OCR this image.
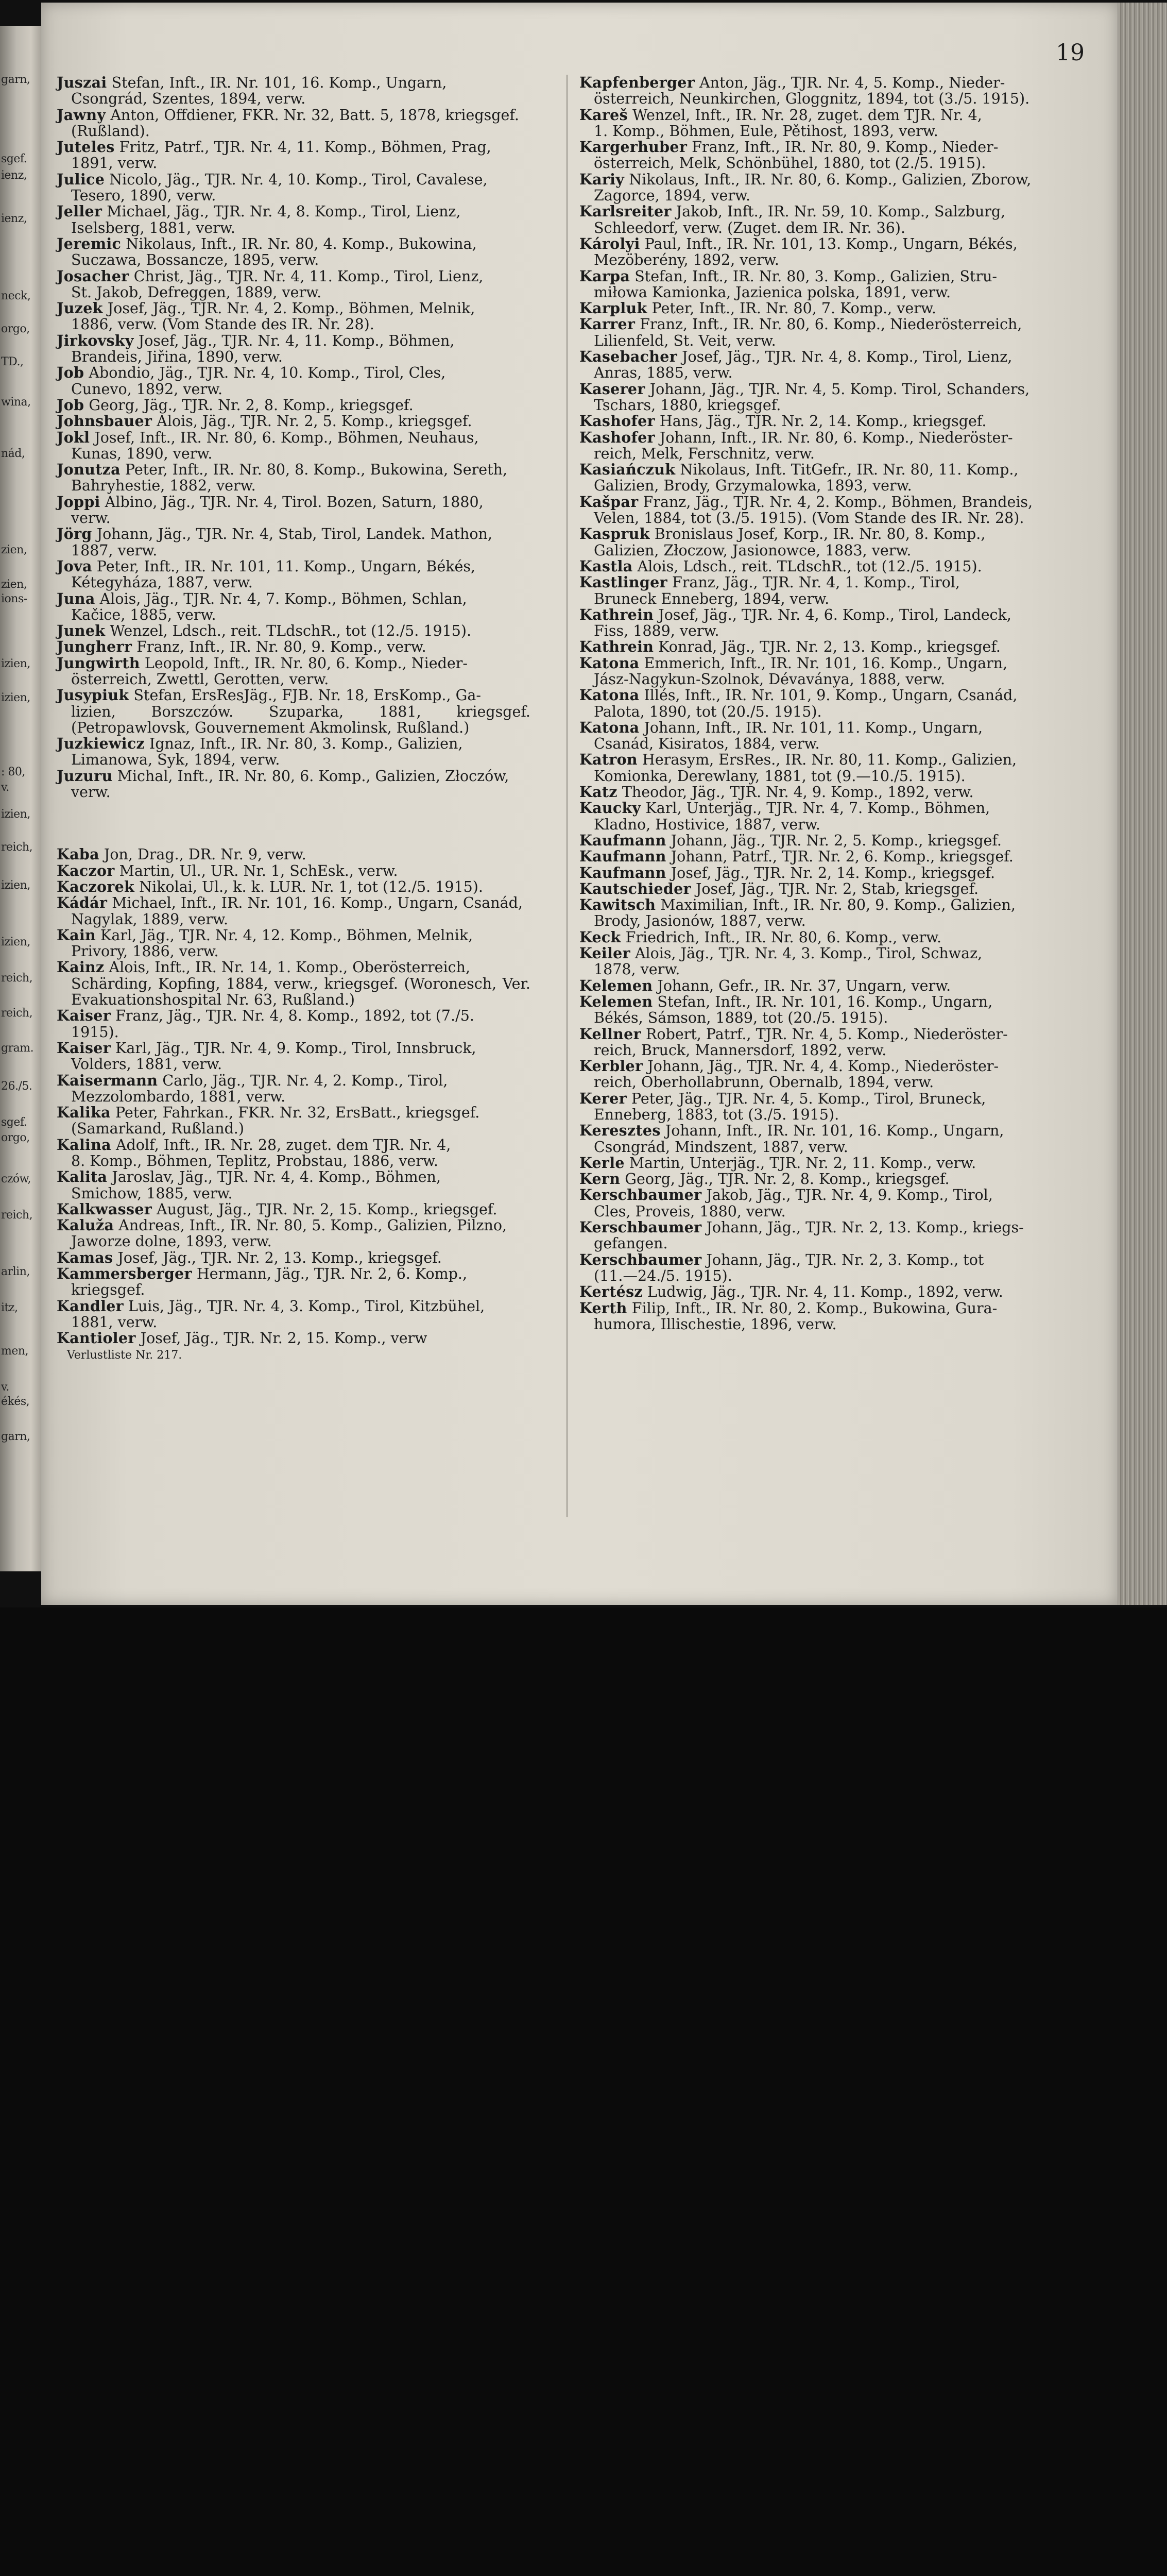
garn,
sgef.
ienz,
ienz,
neck,
orgo,
TD.,
wina,
nád,
zien,
zien,
ions-
izien,
izien,
: 80,
v.
izien,
reich,
izien,
izien,
reich,
reich,
gram.
26./5.
sgef.
orgo,
czów,
reich,
arlin,
itz,
men,
v.
ékés,
garn,
19

Juszai Stefan, Inft., IR. Nr. 101, 16. Komp., Ungarn,
Csongrád, Szentes, 1894, verw.

Jawny Anton, Offdiener, FKR. Nr. 32, Batt. 5, 1878, kriegsgef.
(Rußland).

Juteles Fritz, Patrf., TJR. Nr. 4, 11. Komp., Böhmen, Prag,
1891, verw.

Julice Nicolo, Jäg., TJR. Nr. 4, 10. Komp., Tirol, Cavalese,
Tesero, 1890, verw.

Jeller Michael, Jäg., TJR. Nr. 4, 8. Komp., Tirol, Lienz,
Iselsberg, 1881, verw.

Jeremic Nikolaus, Inft., IR. Nr. 80, 4. Komp., Bukowina,
Suczawa, Bossancze, 1895, verw.

Josacher Christ, Jäg., TJR. Nr. 4, 11. Komp., Tirol, Lienz,
St. Jakob, Defreggen, 1889, verw.

Juzek Josef, Jäg., TJR. Nr. 4, 2. Komp., Böhmen, Melnik,
1886, verw. (Vom Stande des IR. Nr. 28).

Jirkovsky Josef, Jäg., TJR. Nr. 4, 11. Komp., Böhmen,
Brandeis, Jiřina, 1890, verw.

Job Abondio, Jäg., TJR. Nr. 4, 10. Komp., Tirol, Cles,
Cunevo, 1892, verw.

Job Georg, Jäg., TJR. Nr. 2, 8. Komp., kriegsgef.

Johnsbauer Alois, Jäg., TJR. Nr. 2, 5. Komp., kriegsgef.

Jokl Josef, Inft., IR. Nr. 80, 6. Komp., Böhmen, Neuhaus,
Kunas, 1890, verw.

Jonutza Peter, Inft., IR. Nr. 80, 8. Komp., Bukowina, Sereth,
Bahryhestie, 1882, verw.

Joppi Albino, Jäg., TJR. Nr. 4, Tirol. Bozen, Saturn, 1880,
verw.

Jörg Johann, Jäg., TJR. Nr. 4, Stab, Tirol, Landek. Mathon,
1887, verw.

Jova Peter, Inft., IR. Nr. 101, 11. Komp., Ungarn, Békés,
Kétegyháza, 1887, verw.

Juna Alois, Jäg., TJR. Nr. 4, 7. Komp., Böhmen, Schlan,
Kačice, 1885, verw.

Junek Wenzel, Ldsch., reit. TLdschR., tot (12./5. 1915).

Jungherr Franz, Inft., IR. Nr. 80, 9. Komp., verw.

Jungwirth Leopold, Inft., IR. Nr. 80, 6. Komp., Nieder-
österreich, Zwettl, Gerotten, verw.

Jusypiuk Stefan, ErsResJäg., FJB. Nr. 18, ErsKomp., Ga-
lizien, Borszczów. Szuparka, 1881, kriegsgef. (Petropawlovsk, Gouvernement Akmolinsk, Rußland.)

Juzkiewicz Ignaz, Inft., IR. Nr. 80, 3. Komp., Galizien,
Limanowa, Syk, 1894, verw.

Juzuru Michal, Inft., IR. Nr. 80, 6. Komp., Galizien, Złoczów,
verw.

Kaba Jon, Drag., DR. Nr. 9, verw.

Kaczor Martin, Ul., UR. Nr. 1, SchEsk., verw.

Kaczorek Nikolai, Ul., k. k. LUR. Nr. 1, tot (12./5. 1915).

Kádár Michael, Inft., IR. Nr. 101, 16. Komp., Ungarn, Csanád,
Nagylak, 1889, verw.

Kain Karl, Jäg., TJR. Nr. 4, 12. Komp., Böhmen, Melnik,
Privory, 1886, verw.

Kainz Alois, Inft., IR. Nr. 14, 1. Komp., Oberösterreich,
Schärding, Kopfing, 1884, verw., kriegsgef. (Woronesch, Ver. Evakuationshospital Nr. 63, Rußland.)

Kaiser Franz, Jäg., TJR. Nr. 4, 8. Komp., 1892, tot (7./5.
1915).

Kaiser Karl, Jäg., TJR. Nr. 4, 9. Komp., Tirol, Innsbruck,
Volders, 1881, verw.

Kaisermann Carlo, Jäg., TJR. Nr. 4, 2. Komp., Tirol,
Mezzolombardo, 1881, verw.

Kalika Peter, Fahrkan., FKR. Nr. 32, ErsBatt., kriegsgef.
(Samarkand, Rußland.)

Kalina Adolf, Inft., IR. Nr. 28, zuget. dem TJR. Nr. 4,
8. Komp., Böhmen, Teplitz, Probstau, 1886, verw.

Kalita Jaroslav, Jäg., TJR. Nr. 4, 4. Komp., Böhmen,
Smichow, 1885, verw.

Kalkwasser August, Jäg., TJR. Nr. 2, 15. Komp., kriegsgef.

Kaluža Andreas, Inft., IR. Nr. 80, 5. Komp., Galizien, Pilzno,
Jaworze dolne, 1893, verw.

Kamas Josef, Jäg., TJR. Nr. 2, 13. Komp., kriegsgef.

Kammersberger Hermann, Jäg., TJR. Nr. 2, 6. Komp.,
kriegsgef.

Kandler Luis, Jäg., TJR. Nr. 4, 3. Komp., Tirol, Kitzbühel,
1881, verw.

Kantioler Josef, Jäg., TJR. Nr. 2, 15. Komp., verw

Verlustliste Nr. 217.

Kapfenberger Anton, Jäg., TJR. Nr. 4, 5. Komp., Nieder-
österreich, Neunkirchen, Gloggnitz, 1894, tot (3./5. 1915).

Kareš Wenzel, Inft., IR. Nr. 28, zuget. dem TJR. Nr. 4,
1. Komp., Böhmen, Eule, Pětihost, 1893, verw.

Kargerhuber Franz, Inft., IR. Nr. 80, 9. Komp., Nieder-
österreich, Melk, Schönbühel, 1880, tot (2./5. 1915).

Kariy Nikolaus, Inft., IR. Nr. 80, 6. Komp., Galizien, Zborow,
Zagorce, 1894, verw.

Karlsreiter Jakob, Inft., IR. Nr. 59, 10. Komp., Salzburg,
Schleedorf, verw. (Zuget. dem IR. Nr. 36).

Károlyi Paul, Inft., IR. Nr. 101, 13. Komp., Ungarn, Békés,
Mezöberény, 1892, verw.

Karpa Stefan, Inft., IR. Nr. 80, 3. Komp., Galizien, Stru-
miłowa Kamionka, Jazienica polska, 1891, verw.

Karpluk Peter, Inft., IR. Nr. 80, 7. Komp., verw.

Karrer Franz, Inft., IR. Nr. 80, 6. Komp., Niederösterreich,
Lilienfeld, St. Veit, verw.

Kasebacher Josef, Jäg., TJR. Nr. 4, 8. Komp., Tirol, Lienz,
Anras, 1885, verw.

Kaserer Johann, Jäg., TJR. Nr. 4, 5. Komp. Tirol, Schanders,
Tschars, 1880, kriegsgef.

Kashofer Hans, Jäg., TJR. Nr. 2, 14. Komp., kriegsgef.

Kashofer Johann, Inft., IR. Nr. 80, 6. Komp., Niederöster-
reich, Melk, Ferschnitz, verw.

Kasiańczuk Nikolaus, Inft. TitGefr., IR. Nr. 80, 11. Komp.,
Galizien, Brody, Grzymalowka, 1893, verw.

Kašpar Franz, Jäg., TJR. Nr. 4, 2. Komp., Böhmen, Brandeis,
Velen, 1884, tot (3./5. 1915). (Vom Stande des IR. Nr. 28).

Kaspruk Bronislaus Josef, Korp., IR. Nr. 80, 8. Komp.,
Galizien, Złoczow, Jasionowce, 1883, verw.

Kastla Alois, Ldsch., reit. TLdschR., tot (12./5. 1915).

Kastlinger Franz, Jäg., TJR. Nr. 4, 1. Komp., Tirol,
Bruneck Enneberg, 1894, verw.

Kathrein Josef, Jäg., TJR. Nr. 4, 6. Komp., Tirol, Landeck,
Fiss, 1889, verw.

Kathrein Konrad, Jäg., TJR. Nr. 2, 13. Komp., kriegsgef.

Katona Emmerich, Inft., IR. Nr. 101, 16. Komp., Ungarn,
Jász-Nagykun-Szolnok, Dévaványa, 1888, verw.

Katona Illés, Inft., IR. Nr. 101, 9. Komp., Ungarn, Csanád,
Palota, 1890, tot (20./5. 1915).

Katona Johann, Inft., IR. Nr. 101, 11. Komp., Ungarn,
Csanád, Kisiratos, 1884, verw.

Katron Herasym, ErsRes., IR. Nr. 80, 11. Komp., Galizien,
Komionka, Derewlany, 1881, tot (9.—10./5. 1915).

Katz Theodor, Jäg., TJR. Nr. 4, 9. Komp., 1892, verw.

Kaucky Karl, Unterjäg., TJR. Nr. 4, 7. Komp., Böhmen,
Kladno, Hostivice, 1887, verw.

Kaufmann Johann, Jäg., TJR. Nr. 2, 5. Komp., kriegsgef.

Kaufmann Johann, Patrf., TJR. Nr. 2, 6. Komp., kriegsgef.

Kaufmann Josef, Jäg., TJR. Nr. 2, 14. Komp., kriegsgef.

Kautschieder Josef, Jäg., TJR. Nr. 2, Stab, kriegsgef.

Kawitsch Maximilian, Inft., IR. Nr. 80, 9. Komp., Galizien,
Brody, Jasionów, 1887, verw.

Keck Friedrich, Inft., IR. Nr. 80, 6. Komp., verw.

Keiler Alois, Jäg., TJR. Nr. 4, 3. Komp., Tirol, Schwaz,
1878, verw.

Kelemen Johann, Gefr., IR. Nr. 37, Ungarn, verw.

Kelemen Stefan, Inft., IR. Nr. 101, 16. Komp., Ungarn,
Békés, Sámson, 1889, tot (20./5. 1915).

Kellner Robert, Patrf., TJR. Nr. 4, 5. Komp., Niederöster-
reich, Bruck, Mannersdorf, 1892, verw.

Kerbler Johann, Jäg., TJR. Nr. 4, 4. Komp., Niederöster-
reich, Oberhollabrunn, Obernalb, 1894, verw.

Kerer Peter, Jäg., TJR. Nr. 4, 5. Komp., Tirol, Bruneck,
Enneberg, 1883, tot (3./5. 1915).

Keresztes Johann, Inft., IR. Nr. 101, 16. Komp., Ungarn,
Csongrád, Mindszent, 1887, verw.

Kerle Martin, Unterjäg., TJR. Nr. 2, 11. Komp., verw.

Kern Georg, Jäg., TJR. Nr. 2, 8. Komp., kriegsgef.

Kerschbaumer Jakob, Jäg., TJR. Nr. 4, 9. Komp., Tirol,
Cles, Proveis, 1880, verw.

Kerschbaumer Johann, Jäg., TJR. Nr. 2, 13. Komp., kriegs-
gefangen.

Kerschbaumer Johann, Jäg., TJR. Nr. 2, 3. Komp., tot
(11.—24./5. 1915).

Kertész Ludwig, Jäg., TJR. Nr. 4, 11. Komp., 1892, verw.

Kerth Filip, Inft., IR. Nr. 80, 2. Komp., Bukowina, Gura-
humora, Illischestie, 1896, verw.
